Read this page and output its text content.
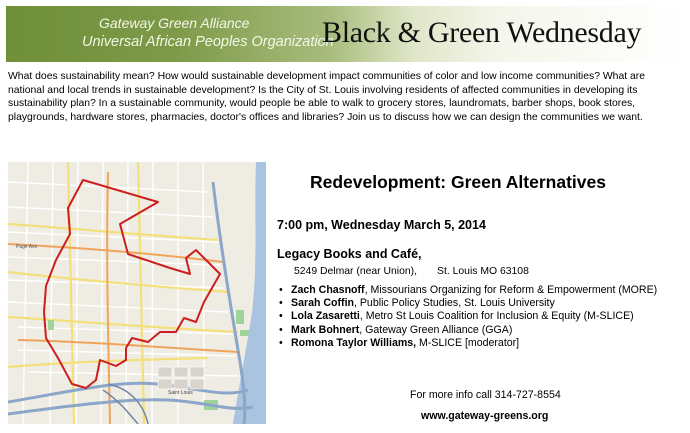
Gateway Green Alliance
Universal African Peoples Organization
Black & Green Wednesday

What does sustainability mean? How would sustainable development impact communities of color and low income communities? What are national and local trends in sustainable development? Is the City of St. Louis involving residents of affected communities in developing its sustainability plan? In a sustainable community, would people be able to walk to grocery stores, laundromats, barber shops, book stores, playgrounds, hardware stores, pharmacies, doctor's offices and libraries? Join us to discuss how we can design the communities we want.

Page Ave
Saint Louis
Redevelopment: Green Alternatives
7:00 pm, Wednesday March 5, 2014
Legacy Books and Café,
5249 Delmar (near Union), St. Louis MO 63108
• Zach Chasnoff, Missourians Organizing for Reform & Empowerment (MORE)
• Sarah Coffin, Public Policy Studies, St. Louis University
• Lola Zasaretti, Metro St Louis Coalition for Inclusion & Equity (M-SLICE)
• Mark Bohnert, Gateway Green Alliance (GGA)
• Romona Taylor Williams, M-SLICE [moderator]
For more info call 314-727-8554
www.gateway-greens.org
